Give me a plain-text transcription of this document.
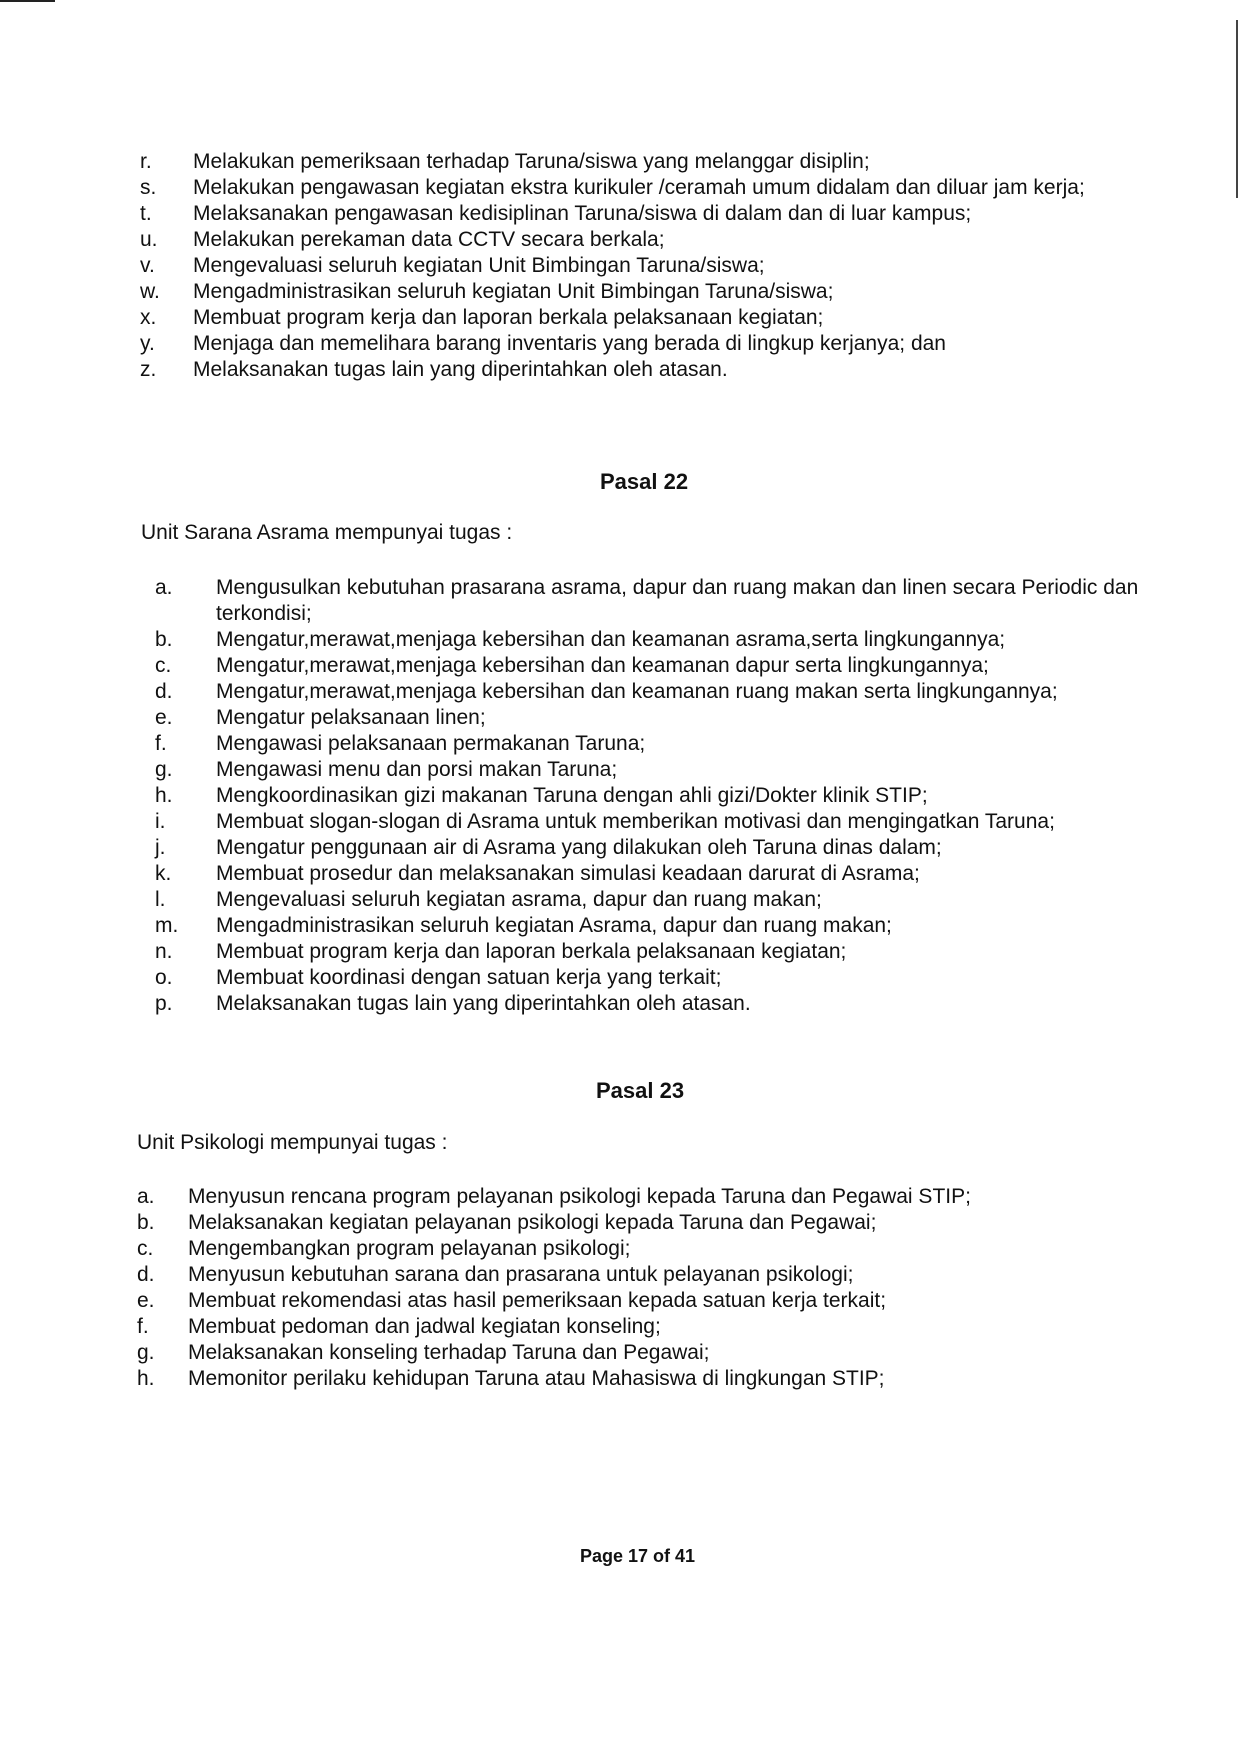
r. Melakukan pemeriksaan terhadap Taruna/siswa yang melanggar disiplin;
s. Melakukan pengawasan kegiatan ekstra kurikuler /ceramah umum didalam dan diluar jam kerja;
t. Melaksanakan pengawasan kedisiplinan Taruna/siswa di dalam dan di luar kampus;
u. Melakukan perekaman data CCTV secara berkala;
v. Mengevaluasi seluruh kegiatan Unit Bimbingan Taruna/siswa;
w. Mengadministrasikan seluruh kegiatan Unit Bimbingan Taruna/siswa;
x. Membuat program kerja dan laporan berkala pelaksanaan kegiatan;
y. Menjaga dan memelihara barang inventaris yang berada di lingkup kerjanya; dan
z. Melaksanakan tugas lain yang diperintahkan oleh atasan.
Pasal 22
Unit Sarana Asrama mempunyai tugas :
a. Mengusulkan kebutuhan prasarana asrama, dapur dan ruang makan dan linen secara Periodic dan terkondisi;
b. Mengatur,merawat,menjaga kebersihan dan keamanan asrama,serta lingkungannya;
c. Mengatur,merawat,menjaga kebersihan dan keamanan dapur serta lingkungannya;
d. Mengatur,merawat,menjaga kebersihan dan keamanan ruang makan serta lingkungannya;
e. Mengatur pelaksanaan linen;
f. Mengawasi pelaksanaan permakanan Taruna;
g. Mengawasi menu dan porsi makan Taruna;
h. Mengkoordinasikan gizi makanan Taruna dengan ahli gizi/Dokter klinik STIP;
i. Membuat slogan-slogan di Asrama untuk memberikan motivasi dan mengingatkan Taruna;
j. Mengatur penggunaan air di Asrama yang dilakukan oleh Taruna dinas dalam;
k. Membuat prosedur dan melaksanakan simulasi keadaan darurat di Asrama;
l. Mengevaluasi seluruh kegiatan asrama, dapur dan ruang makan;
m. Mengadministrasikan seluruh kegiatan Asrama, dapur dan ruang makan;
n. Membuat program kerja dan laporan berkala pelaksanaan kegiatan;
o. Membuat koordinasi dengan satuan kerja yang terkait;
p. Melaksanakan tugas lain yang diperintahkan oleh atasan.
Pasal 23
Unit Psikologi mempunyai tugas :
a. Menyusun rencana program pelayanan psikologi kepada Taruna dan Pegawai STIP;
b. Melaksanakan kegiatan pelayanan psikologi kepada Taruna dan Pegawai;
c. Mengembangkan program pelayanan psikologi;
d. Menyusun kebutuhan sarana dan prasarana untuk pelayanan psikologi;
e. Membuat rekomendasi atas hasil pemeriksaan kepada satuan kerja terkait;
f. Membuat pedoman dan jadwal kegiatan konseling;
g. Melaksanakan konseling terhadap Taruna dan Pegawai;
h. Memonitor perilaku kehidupan Taruna atau Mahasiswa di lingkungan STIP;
Page 17 of 41
